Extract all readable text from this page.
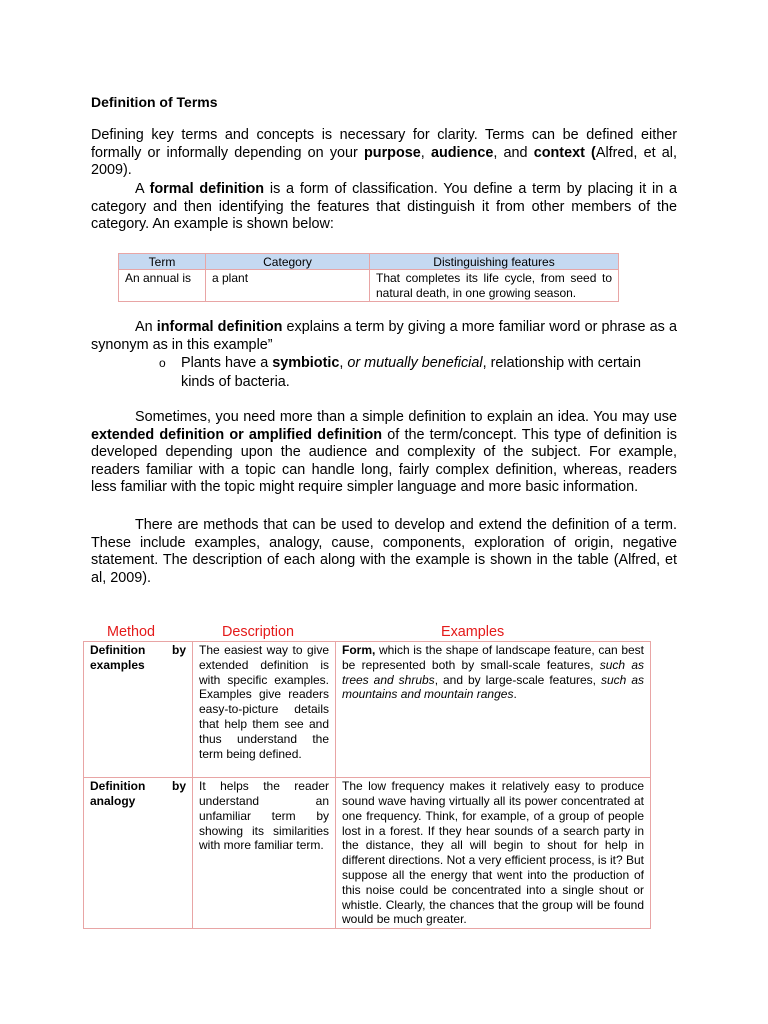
Definition of Terms

Defining key terms and concepts is necessary for clarity. Terms can be defined either formally or informally depending on your purpose, audience, and context (Alfred, et al, 2009).

A formal definition is a form of classification. You define a term by placing it in a category and then identifying the features that distinguish it from other members of the category. An example is shown below:

Term	Category	Distinguishing features
An annual is	a plant	That completes its life cycle, from seed to natural death, in one growing season.

An informal definition explains a term by giving a more familiar word or phrase as a synonym as in this example”

o Plants have a symbiotic, or mutually beneficial, relationship with certain kinds of bacteria.

Sometimes, you need more than a simple definition to explain an idea. You may use extended definition or amplified definition of the term/concept. This type of definition is developed depending upon the audience and complexity of the subject. For example, readers familiar with a topic can handle long, fairly complex definition, whereas, readers less familiar with the topic might require simpler language and more basic information.

There are methods that can be used to develop and extend the definition of a term. These include examples, analogy, cause, components, exploration of origin, negative statement. The description of each along with the example is shown in the table (Alfred, et al, 2009).

Method	Description	Examples
Definition by examples	The easiest way to give extended definition is with specific examples. Examples give readers easy-to-picture details that help them see and thus understand the term being defined.	Form, which is the shape of landscape feature, can best be represented both by small-scale features, such as trees and shrubs, and by large-scale features, such as mountains and mountain ranges.

Definition by analogy	It helps the reader understand an unfamiliar term by showing its similarities with more familiar term.	The low frequency makes it relatively easy to produce sound wave having virtually all its power concentrated at one frequency. Think, for example, of a group of people lost in a forest. If they hear sounds of a search party in the distance, they all will begin to shout for help in different directions. Not a very efficient process, is it? But suppose all the energy that went into the production of this noise could be concentrated into a single shout or whistle. Clearly, the chances that the group will be found would be much greater.
